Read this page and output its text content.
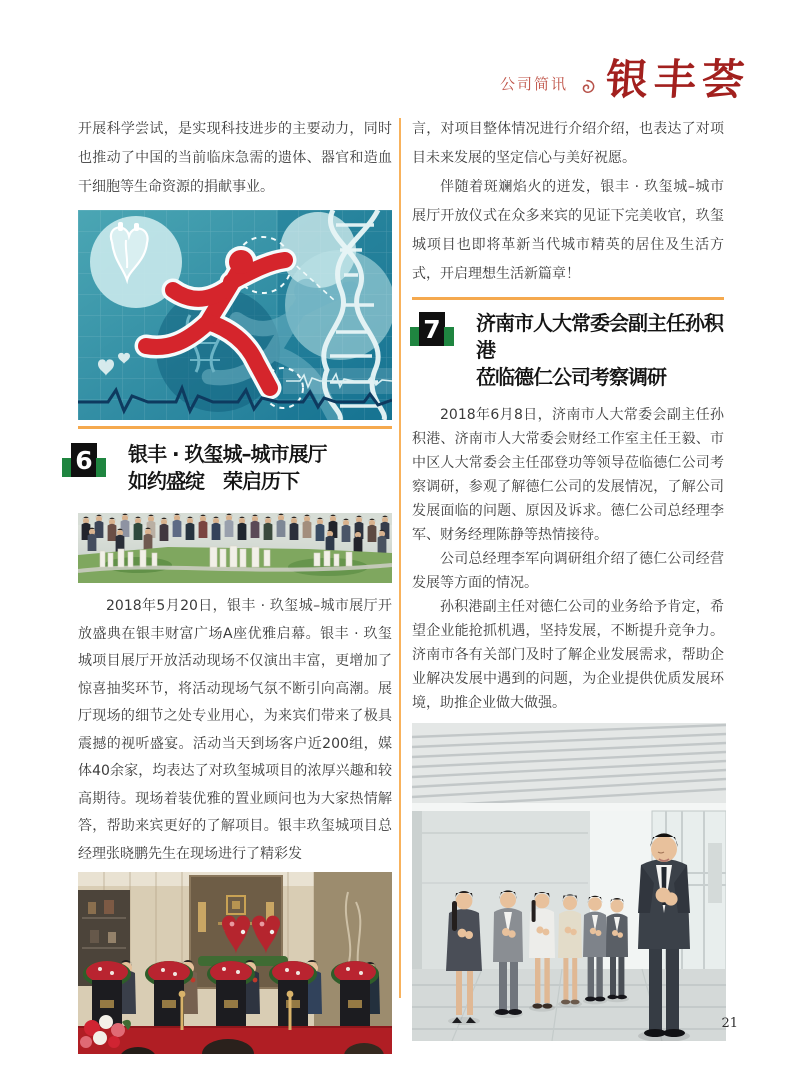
公司简讯 银丰荟

开展科学尝试，是实现科技进步的主要动力，同时也推动了中国的当前临床急需的遗体、器官和造血干细胞等生命资源的捐献事业。

6 银丰 · 玖玺城–城市展厅
如约盛绽　荣启历下

2018年5月20日，银丰 · 玖玺城–城市展厅开放盛典在银丰财富广场A座优雅启幕。银丰 · 玖玺城项目展厅开放活动现场不仅演出丰富，更增加了惊喜抽奖环节，将活动现场气氛不断引向高潮。展厅现场的细节之处专业用心，为来宾们带来了极具震撼的视听盛宴。活动当天到场客户近200组，媒体40余家，均表达了对玖玺城项目的浓厚兴趣和较高期待。现场着装优雅的置业顾问也为大家热情解答，帮助来宾更好的了解项目。银丰玖玺城项目总经理张晓鹏先生在现场进行了精彩发

言，对项目整体情况进行介绍介绍，也表达了对项目未来发展的坚定信心与美好祝愿。

伴随着斑斓焰火的迸发，银丰 · 玖玺城–城市展厅开放仪式在众多来宾的见证下完美收官，玖玺城项目也即将革新当代城市精英的居住及生活方式，开启理想生活新篇章！

7 济南市人大常委会副主任孙积港
莅临德仁公司考察调研

2018年6月8日，济南市人大常委会副主任孙积港、济南市人大常委会财经工作室主任王毅、市中区人大常委会主任邵登功等领导莅临德仁公司考察调研，参观了解德仁公司的发展情况，了解公司发展面临的问题、原因及诉求。德仁公司总经理李军、财务经理陈静等热情接待。

公司总经理李军向调研组介绍了德仁公司经营发展等方面的情况。

孙积港副主任对德仁公司的业务给予肯定，希望企业能抢抓机遇，坚持发展，不断提升竞争力。济南市各有关部门及时了解企业发展需求，帮助企业解决发展中遇到的问题，为企业提供优质发展环境，助推企业做大做强。

21
